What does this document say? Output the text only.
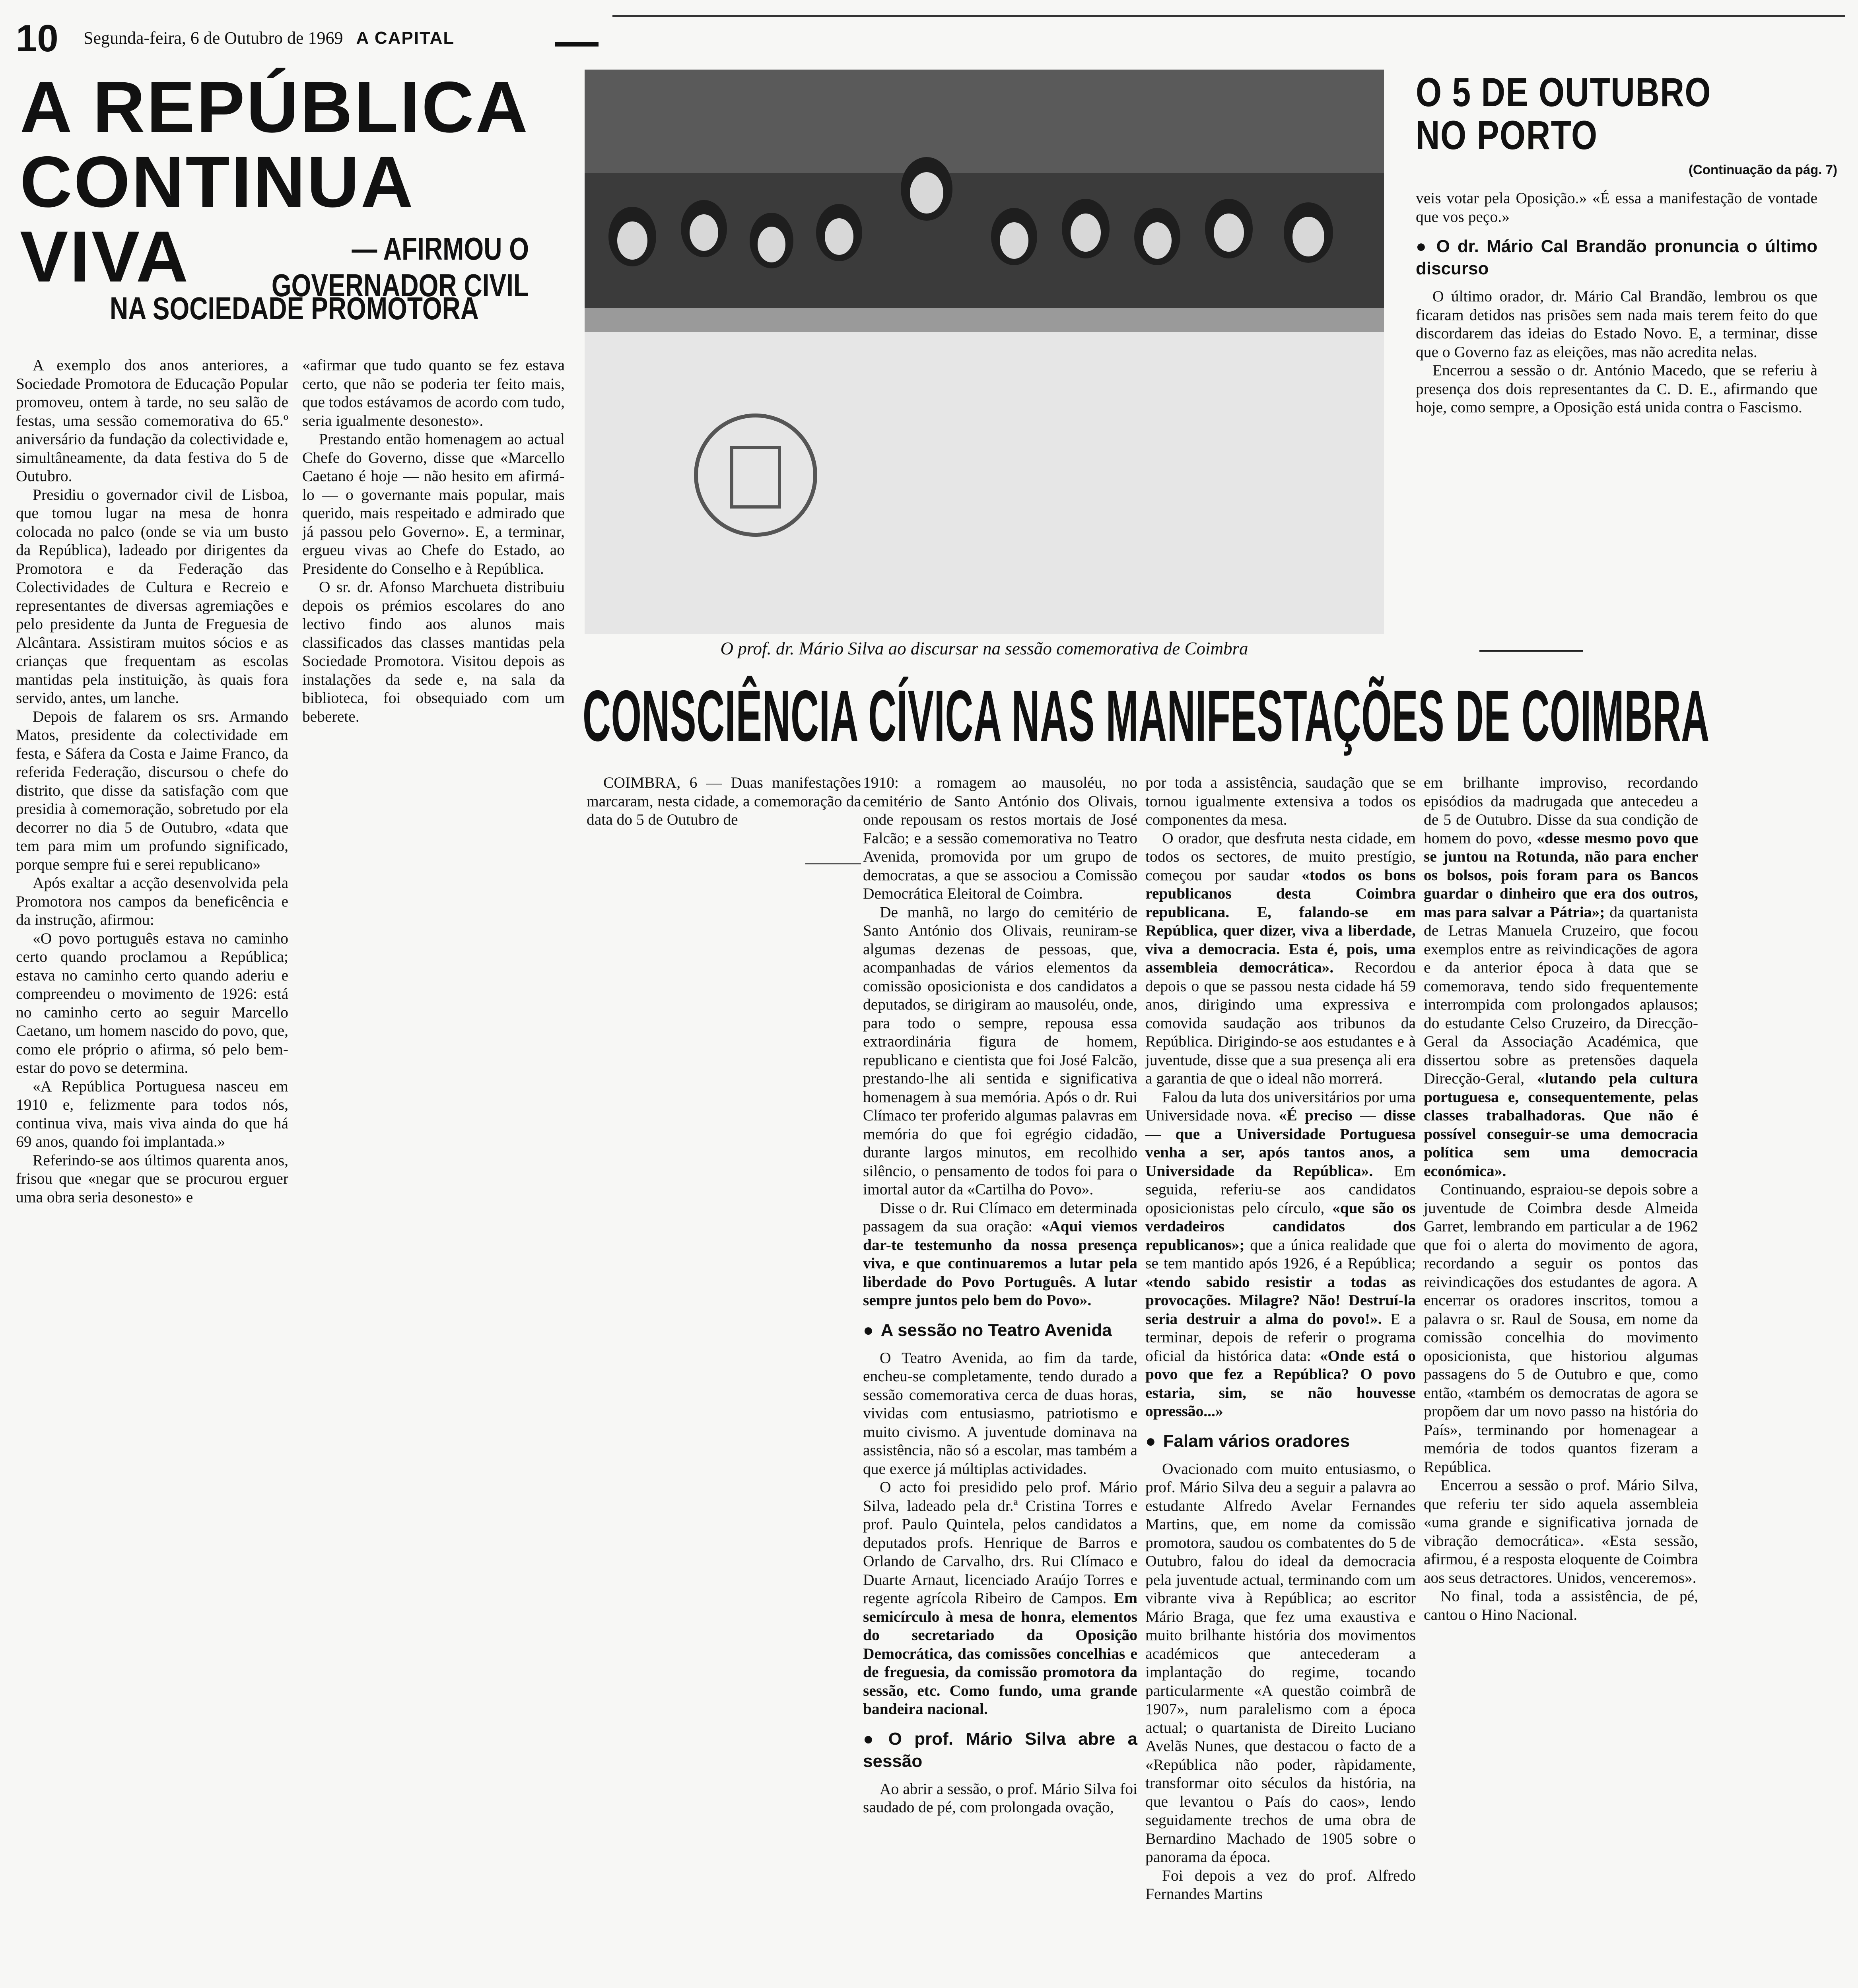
10 Segunda-feira, 6 de Outubro de 1969 A CAPITAL
A REPÚBLICA CONTINUA VIVA	— AFIRMOU O GOVERNADOR CIVIL
NA SOCIEDADE PROMOTORA

A exemplo dos anos anteriores, a Sociedade Promotora de Educação Popular promoveu, ontem à tarde, no seu salão de festas, uma sessão comemorativa do 65.º aniversário da fundação da colectividade e, simultâneamente, da data festiva do 5 de Outubro.

Presidiu o governador civil de Lisboa, que tomou lugar na mesa de honra colocada no palco (onde se via um busto da República), ladeado por dirigentes da Promotora e da Federação das Colectividades de Cultura e Recreio e representantes de diversas agremiações e pelo presidente da Junta de Freguesia de Alcântara. Assistiram muitos sócios e as crianças que frequentam as escolas mantidas pela instituição, às quais fora servido, antes, um lanche.

Depois de falarem os srs. Armando Matos, presidente da colectividade em festa, e Sáfera da Costa e Jaime Franco, da referida Federação, discursou o chefe do distrito, que disse da satisfação com que presidia à comemoração, sobretudo por ela decorrer no dia 5 de Outubro, «data que tem para mim um profundo significado, porque sempre fui e serei republicano»

Após exaltar a acção desenvolvida pela Promotora nos campos da beneficência e da instrução, afirmou:

«O povo português estava no caminho certo quando proclamou a República; estava no caminho certo quando aderiu e compreendeu o movimento de 1926: está no caminho certo ao seguir Marcello Caetano, um homem nascido do povo, que, como ele próprio o afirma, só pelo bem-estar do povo se determina.

«A República Portuguesa nasceu em 1910 e, felizmente para todos nós, continua viva, mais viva ainda do que há 69 anos, quando foi implantada.»

Referindo-se aos últimos quarenta anos, frisou que «negar que se procurou erguer uma obra seria desonesto» e

«afirmar que tudo quanto se fez estava certo, que não se poderia ter feito mais, que todos estávamos de acordo com tudo, seria igualmente desonesto».

Prestando então homenagem ao actual Chefe do Governo, disse que «Marcello Caetano é hoje — não hesito em afirmá-lo — o governante mais popular, mais querido, mais respeitado e admirado que já passou pelo Governo». E, a terminar, ergueu vivas ao Chefe do Estado, ao Presidente do Conselho e à República.

O sr. dr. Afonso Marchueta distribuiu depois os prémios escolares do ano lectivo findo aos alunos mais classificados das classes mantidas pela Sociedade Promotora. Visitou depois as instalações da sede e, na sala da biblioteca, foi obsequiado com um beberete.

O prof. dr. Mário Silva ao discursar na sessão comemorativa de Coimbra
O 5 DE OUTUBRO
NO PORTO
(Continuação da pág. 7)

veis votar pela Oposição.» «É essa a manifestação de vontade que vos peço.»

● O dr. Mário Cal Brandão pronuncia o último discurso

O último orador, dr. Mário Cal Brandão, lembrou os que ficaram detidos nas prisões sem nada mais terem feito do que discordarem das ideias do Estado Novo. E, a terminar, disse que o Governo faz as eleições, mas não acredita nelas.

Encerrou a sessão o dr. António Macedo, que se referiu à presença dos dois representantes da C. D. E., afirmando que hoje, como sempre, a Oposição está unida contra o Fascismo.

CONSCIÊNCIA CÍVICA NAS MANIFESTAÇÕES DE COIMBRA

COIMBRA, 6 — Duas manifestações marcaram, nesta cidade, a comemoração da data do 5 de Outubro de

1910: a romagem ao mausoléu, no cemitério de Santo António dos Olivais, onde repousam os restos mortais de José Falcão; e a sessão comemorativa no Teatro Avenida, promovida por um grupo de democratas, a que se associou a Comissão Democrática Eleitoral de Coimbra.

De manhã, no largo do cemitério de Santo António dos Olivais, reuniram-se algumas dezenas de pessoas, que, acompanhadas de vários elementos da comissão oposicionista e dos candidatos a deputados, se dirigiram ao mausoléu, onde, para todo o sempre, repousa essa extraordinária figura de homem, republicano e cientista que foi José Falcão, prestando-lhe ali sentida e significativa homenagem à sua memória. Após o dr. Rui Clímaco ter proferido algumas palavras em memória do que foi egrégio cidadão, durante largos minutos, em recolhido silêncio, o pensamento de todos foi para o imortal autor da «Cartilha do Povo».

Disse o dr. Rui Clímaco em determinada passagem da sua oração: «Aqui viemos dar-te testemunho da nossa presença viva, e que continuaremos a lutar pela liberdade do Povo Português. A lutar sempre juntos pelo bem do Povo».

● A sessão no Teatro Avenida

O Teatro Avenida, ao fim da tarde, encheu-se completamente, tendo durado a sessão comemorativa cerca de duas horas, vividas com entusiasmo, patriotismo e muito civismo. A juventude dominava na assistência, não só a escolar, mas também a que exerce já múltiplas actividades.

O acto foi presidido pelo prof. Mário Silva, ladeado pela dr.ª Cristina Torres e prof. Paulo Quintela, pelos candidatos a deputados profs. Henrique de Barros e Orlando de Carvalho, drs. Rui Clímaco e Duarte Arnaut, licenciado Araújo Torres e regente agrícola Ribeiro de Campos. Em semicírculo à mesa de honra, elementos do secretariado da Oposição Democrática, das comissões concelhias e de freguesia, da comissão promotora da sessão, etc. Como fundo, uma grande bandeira nacional.

● O prof. Mário Silva abre a sessão

Ao abrir a sessão, o prof. Mário Silva foi saudado de pé, com prolongada ovação,

por toda a assistência, saudação que se tornou igualmente extensiva a todos os componentes da mesa.

O orador, que desfruta nesta cidade, em todos os sectores, de muito prestígio, começou por saudar «todos os bons republicanos desta Coimbra republicana. E, falando-se em República, quer dizer, viva a liberdade, viva a democracia. Esta é, pois, uma assembleia democrática». Recordou depois o que se passou nesta cidade há 59 anos, dirigindo uma expressiva e comovida saudação aos tribunos da República. Dirigindo-se aos estudantes e à juventude, disse que a sua presença ali era a garantia de que o ideal não morrerá.

Falou da luta dos universitários por uma Universidade nova. «É preciso — disse — que a Universidade Portuguesa venha a ser, após tantos anos, a Universidade da República». Em seguida, referiu-se aos candidatos oposicionistas pelo círculo, «que são os verdadeiros candidatos dos republicanos»; que a única realidade que se tem mantido após 1926, é a República; «tendo sabido resistir a todas as provocações. Milagre? Não! Destruí-la seria destruir a alma do povo!». E a terminar, depois de referir o programa oficial da histórica data: «Onde está o povo que fez a República? O povo estaria, sim, se não houvesse opressão...»

● Falam vários oradores

Ovacionado com muito entusiasmo, o prof. Mário Silva deu a seguir a palavra ao estudante Alfredo Avelar Fernandes Martins, que, em nome da comissão promotora, saudou os combatentes do 5 de Outubro, falou do ideal da democracia pela juventude actual, terminando com um vibrante viva à República; ao escritor Mário Braga, que fez uma exaustiva e muito brilhante história dos movimentos académicos que antecederam a implantação do regime, tocando particularmente «A questão coimbrã de 1907», num paralelismo com a época actual; o quartanista de Direito Luciano Avelãs Nunes, que destacou o facto de a «República não poder, ràpidamente, transformar oito séculos da história, na que levantou o País do caos», lendo seguidamente trechos de uma obra de Bernardino Machado de 1905 sobre o panorama da época.

Foi depois a vez do prof. Alfredo Fernandes Martins

em brilhante improviso, recordando episódios da madrugada que antecedeu a de 5 de Outubro. Disse da sua condição de homem do povo, «desse mesmo povo que se juntou na Rotunda, não para encher os bolsos, pois foram para os Bancos guardar o dinheiro que era dos outros, mas para salvar a Pátria»; da quartanista de Letras Manuela Cruzeiro, que focou exemplos entre as reivindicações de agora e da anterior época à data que se comemorava, tendo sido frequentemente interrompida com prolongados aplausos; do estudante Celso Cruzeiro, da Direcção-Geral da Associação Académica, que dissertou sobre as pretensões daquela Direcção-Geral, «lutando pela cultura portuguesa e, consequentemente, pelas classes trabalhadoras. Que não é possível conseguir-se uma democracia política sem uma democracia económica».

Continuando, espraiou-se depois sobre a juventude de Coimbra desde Almeida Garret, lembrando em particular a de 1962 que foi o alerta do movimento de agora, recordando a seguir os pontos das reivindicações dos estudantes de agora. A encerrar os oradores inscritos, tomou a palavra o sr. Raul de Sousa, em nome da comissão concelhia do movimento oposicionista, que historiou algumas passagens do 5 de Outubro e que, como então, «também os democratas de agora se propõem dar um novo passo na história do País», terminando por homenagear a memória de todos quantos fizeram a República.

Encerrou a sessão o prof. Mário Silva, que referiu ter sido aquela assembleia «uma grande e significativa jornada de vibração democrática». «Esta sessão, afirmou, é a resposta eloquente de Coimbra aos seus detractores. Unidos, venceremos».

No final, toda a assistência, de pé, cantou o Hino Nacional.
